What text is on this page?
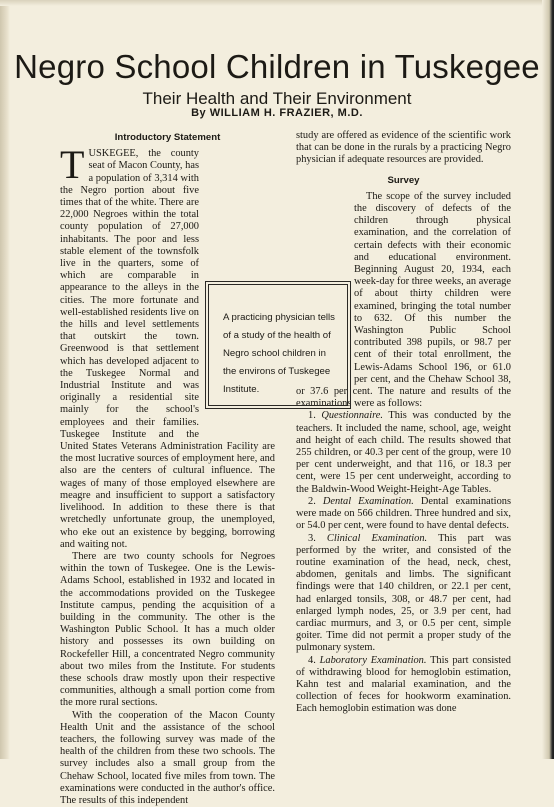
Negro School Children in Tuskegee
Their Health and Their Environment
By WILLIAM H. FRAZIER, M.D.
Introductory Statement

TUSKEGEE, the county seat of Macon County, has a population of 3,314 with the Negro portion about five times that of the white. There are 22,000 Negroes within the total county population of 27,000 inhabitants. The poor and less stable element of the townsfolk live in the quarters, some of which are comparable in appearance to the alleys in the cities. The more fortunate and well-established residents live on the hills and level settlements that outskirt the town. Greenwood is that settlement which has developed adjacent to the Tuskegee Normal and Industrial Institute and was originally a residential site mainly for the school's employees and their families. Tuskegee Institute and the United States Veterans Administration Facility are the most lucrative sources of employment here, and also are the centers of cultural influence. The wages of many of those employed elsewhere are meagre and insufficient to support a satisfactory livelihood. In addition to these there is that wretchedly unfortunate group, the unemployed, who eke out an existence by begging, borrowing and waiting not.

There are two county schools for Negroes within the town of Tuskegee. One is the Lewis-Adams School, established in 1932 and located in the accommodations provided on the Tuskegee Institute campus, pending the acquisition of a building in the community. The other is the Washington Public School. It has a much older history and possesses its own building on Rockefeller Hill, a concentrated Negro community about two miles from the Institute. For students these schools draw mostly upon their respective communities, although a small portion come from the more rural sections.

With the cooperation of the Macon County Health Unit and the assistance of the school teachers, the following survey was made of the health of the children from these two schools. The survey includes also a small group from the Chehaw School, located five miles from town. The examinations were conducted in the author's office. The results of this independent

study are offered as evidence of the scientific work that can be done in the rurals by a practicing Negro physician if adequate resources are provided.

Survey

The scope of the survey included the discovery of defects of the children through physical examination, and the correlation of certain defects with their economic and educational environment. Beginning August 20, 1934, each week-day for three weeks, an average of about thirty children were examined, bringing the total number to 632. Of this number the Washington Public School contributed 398 pupils, or 98.7 per cent of their total enrollment, the Lewis-Adams School 196, or 61.0 per cent, and the Chehaw School 38, or 37.6 per cent. The nature and results of the examinations were as follows:

1. Questionnaire. This was conducted by the teachers. It included the name, school, age, weight and height of each child. The results showed that 255 children, or 40.3 per cent of the group, were 10 per cent underweight, and that 116, or 18.3 per cent, were 15 per cent underweight, according to the Baldwin-Wood Weight-Height-Age Tables.

2. Dental Examination. Dental examinations were made on 566 children. Three hundred and six, or 54.0 per cent, were found to have dental defects.

3. Clinical Examination. This part was performed by the writer, and consisted of the routine examination of the head, neck, chest, abdomen, genitals and limbs. The significant findings were that 140 children, or 22.1 per cent, had enlarged tonsils, 308, or 48.7 per cent, had enlarged lymph nodes, 25, or 3.9 per cent, had cardiac murmurs, and 3, or 0.5 per cent, simple goiter. Time did not permit a proper study of the pulmonary system.

4. Laboratory Examination. This part consisted of withdrawing blood for hemoglobin estimation, Kahn test and malarial examination, and the collection of feces for hookworm examination. Each hemoglobin estimation was done

A practicing physician tells of a study of the health of Negro school children in the environs of Tuskegee Institute.
